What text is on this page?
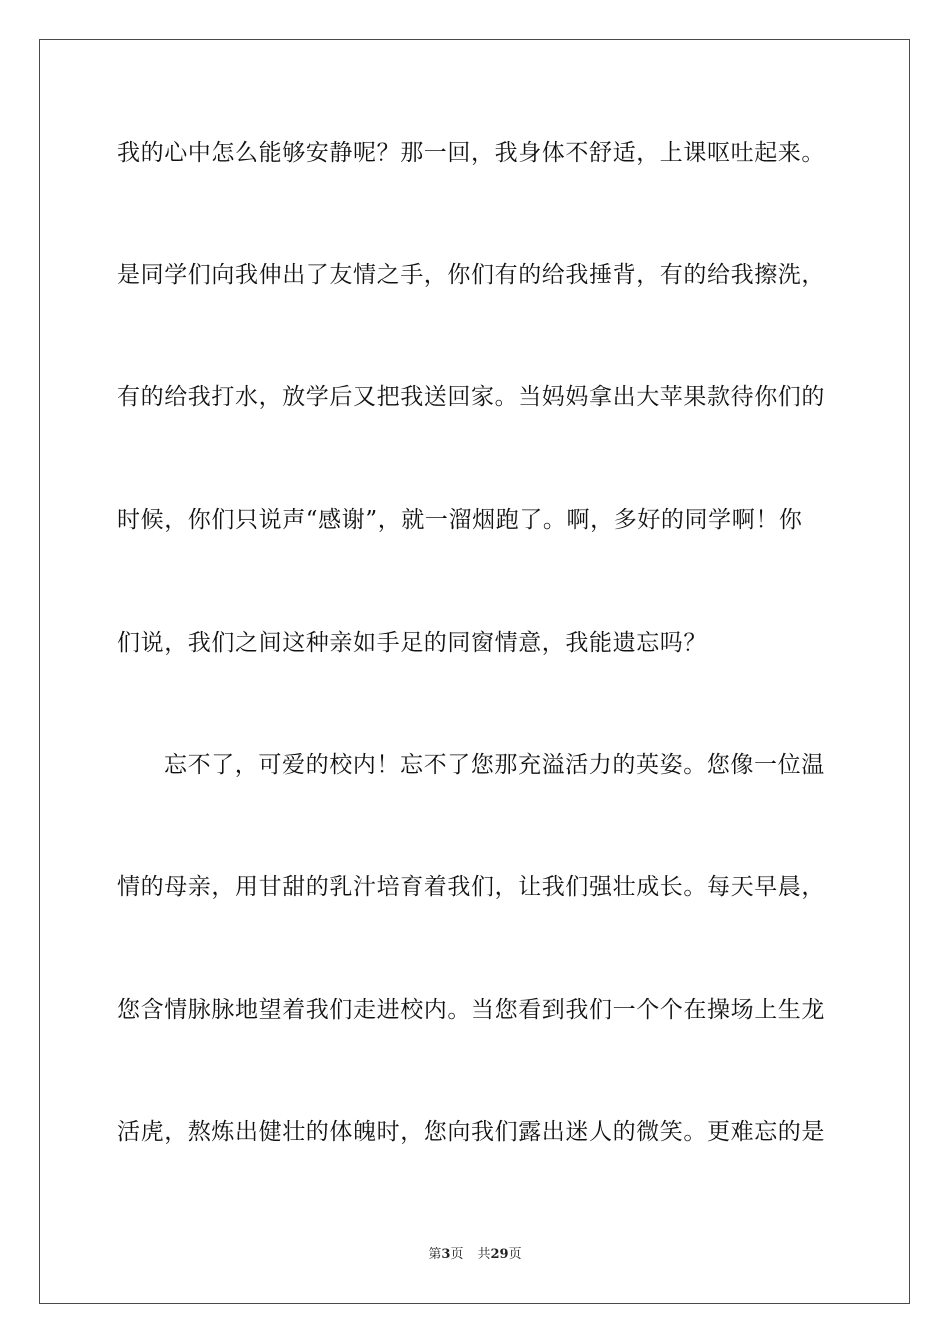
我的心中怎么能够安静呢？那一回，我身体不舒适，上课呕吐起来。
是同学们向我伸出了友情之手，你们有的给我捶背，有的给我擦洗，
有的给我打水，放学后又把我送回家。当妈妈拿出大苹果款待你们的
时候，你们只说声“感谢”，就一溜烟跑了。啊，多好的同学啊！你
们说，我们之间这种亲如手足的同窗情意，我能遗忘吗？
忘不了，可爱的校内！忘不了您那充溢活力的英姿。您像一位温
情的母亲，用甘甜的乳汁培育着我们，让我们强壮成长。每天早晨，
您含情脉脉地望着我们走进校内。当您看到我们一个个在操场上生龙
活虎，熬炼出健壮的体魄时，您向我们露出迷人的微笑。更难忘的是
第3页 共29页
